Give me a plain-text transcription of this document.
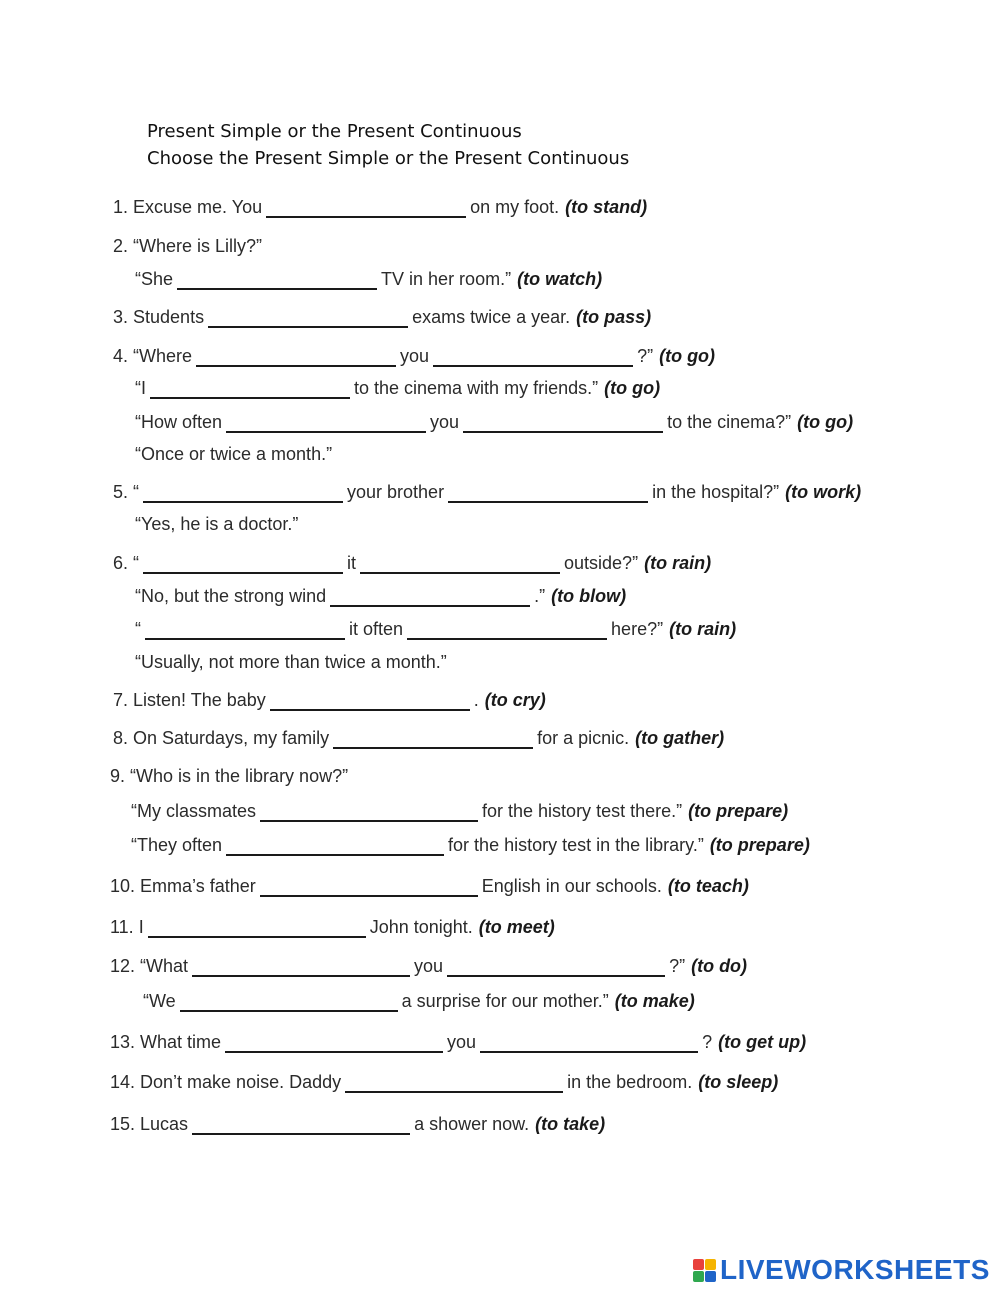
Present Simple or the Present Continuous
Choose the Present Simple or the Present Continuous
1. Excuse me. You	on my foot. (to stand)
2. “Where is Lilly?”
“She	TV in her room.” (to watch)
3. Students	exams twice a year. (to pass)
4. “Where	you	?” (to go)
“I	to the cinema with my friends.” (to go)
“How often	you	to the cinema?” (to go)
“Once or twice a month.”
5. “	your brother	in the hospital?” (to work)
“Yes, he is a doctor.”
6. “	it	outside?” (to rain)
“No, but the strong wind	.” (to blow)
“	it often	here?” (to rain)
“Usually, not more than twice a month.”
7. Listen! The baby	. (to cry)
8. On Saturdays, my family	for a picnic. (to gather)
9. “Who is in the library now?”
“My classmates	for the history test there.” (to prepare)
“They often	for the history test in the library.” (to prepare)
10. Emma’s father	English in our schools. (to teach)
11. I	John tonight. (to meet)
12. “What	you	?” (to do)
“We	a surprise for our mother.” (to make)
13. What time	you	? (to get up)
14. Don’t make noise. Daddy	in the bedroom. (to sleep)
15. Lucas	a shower now. (to take)
LIVEWORKSHEETS
